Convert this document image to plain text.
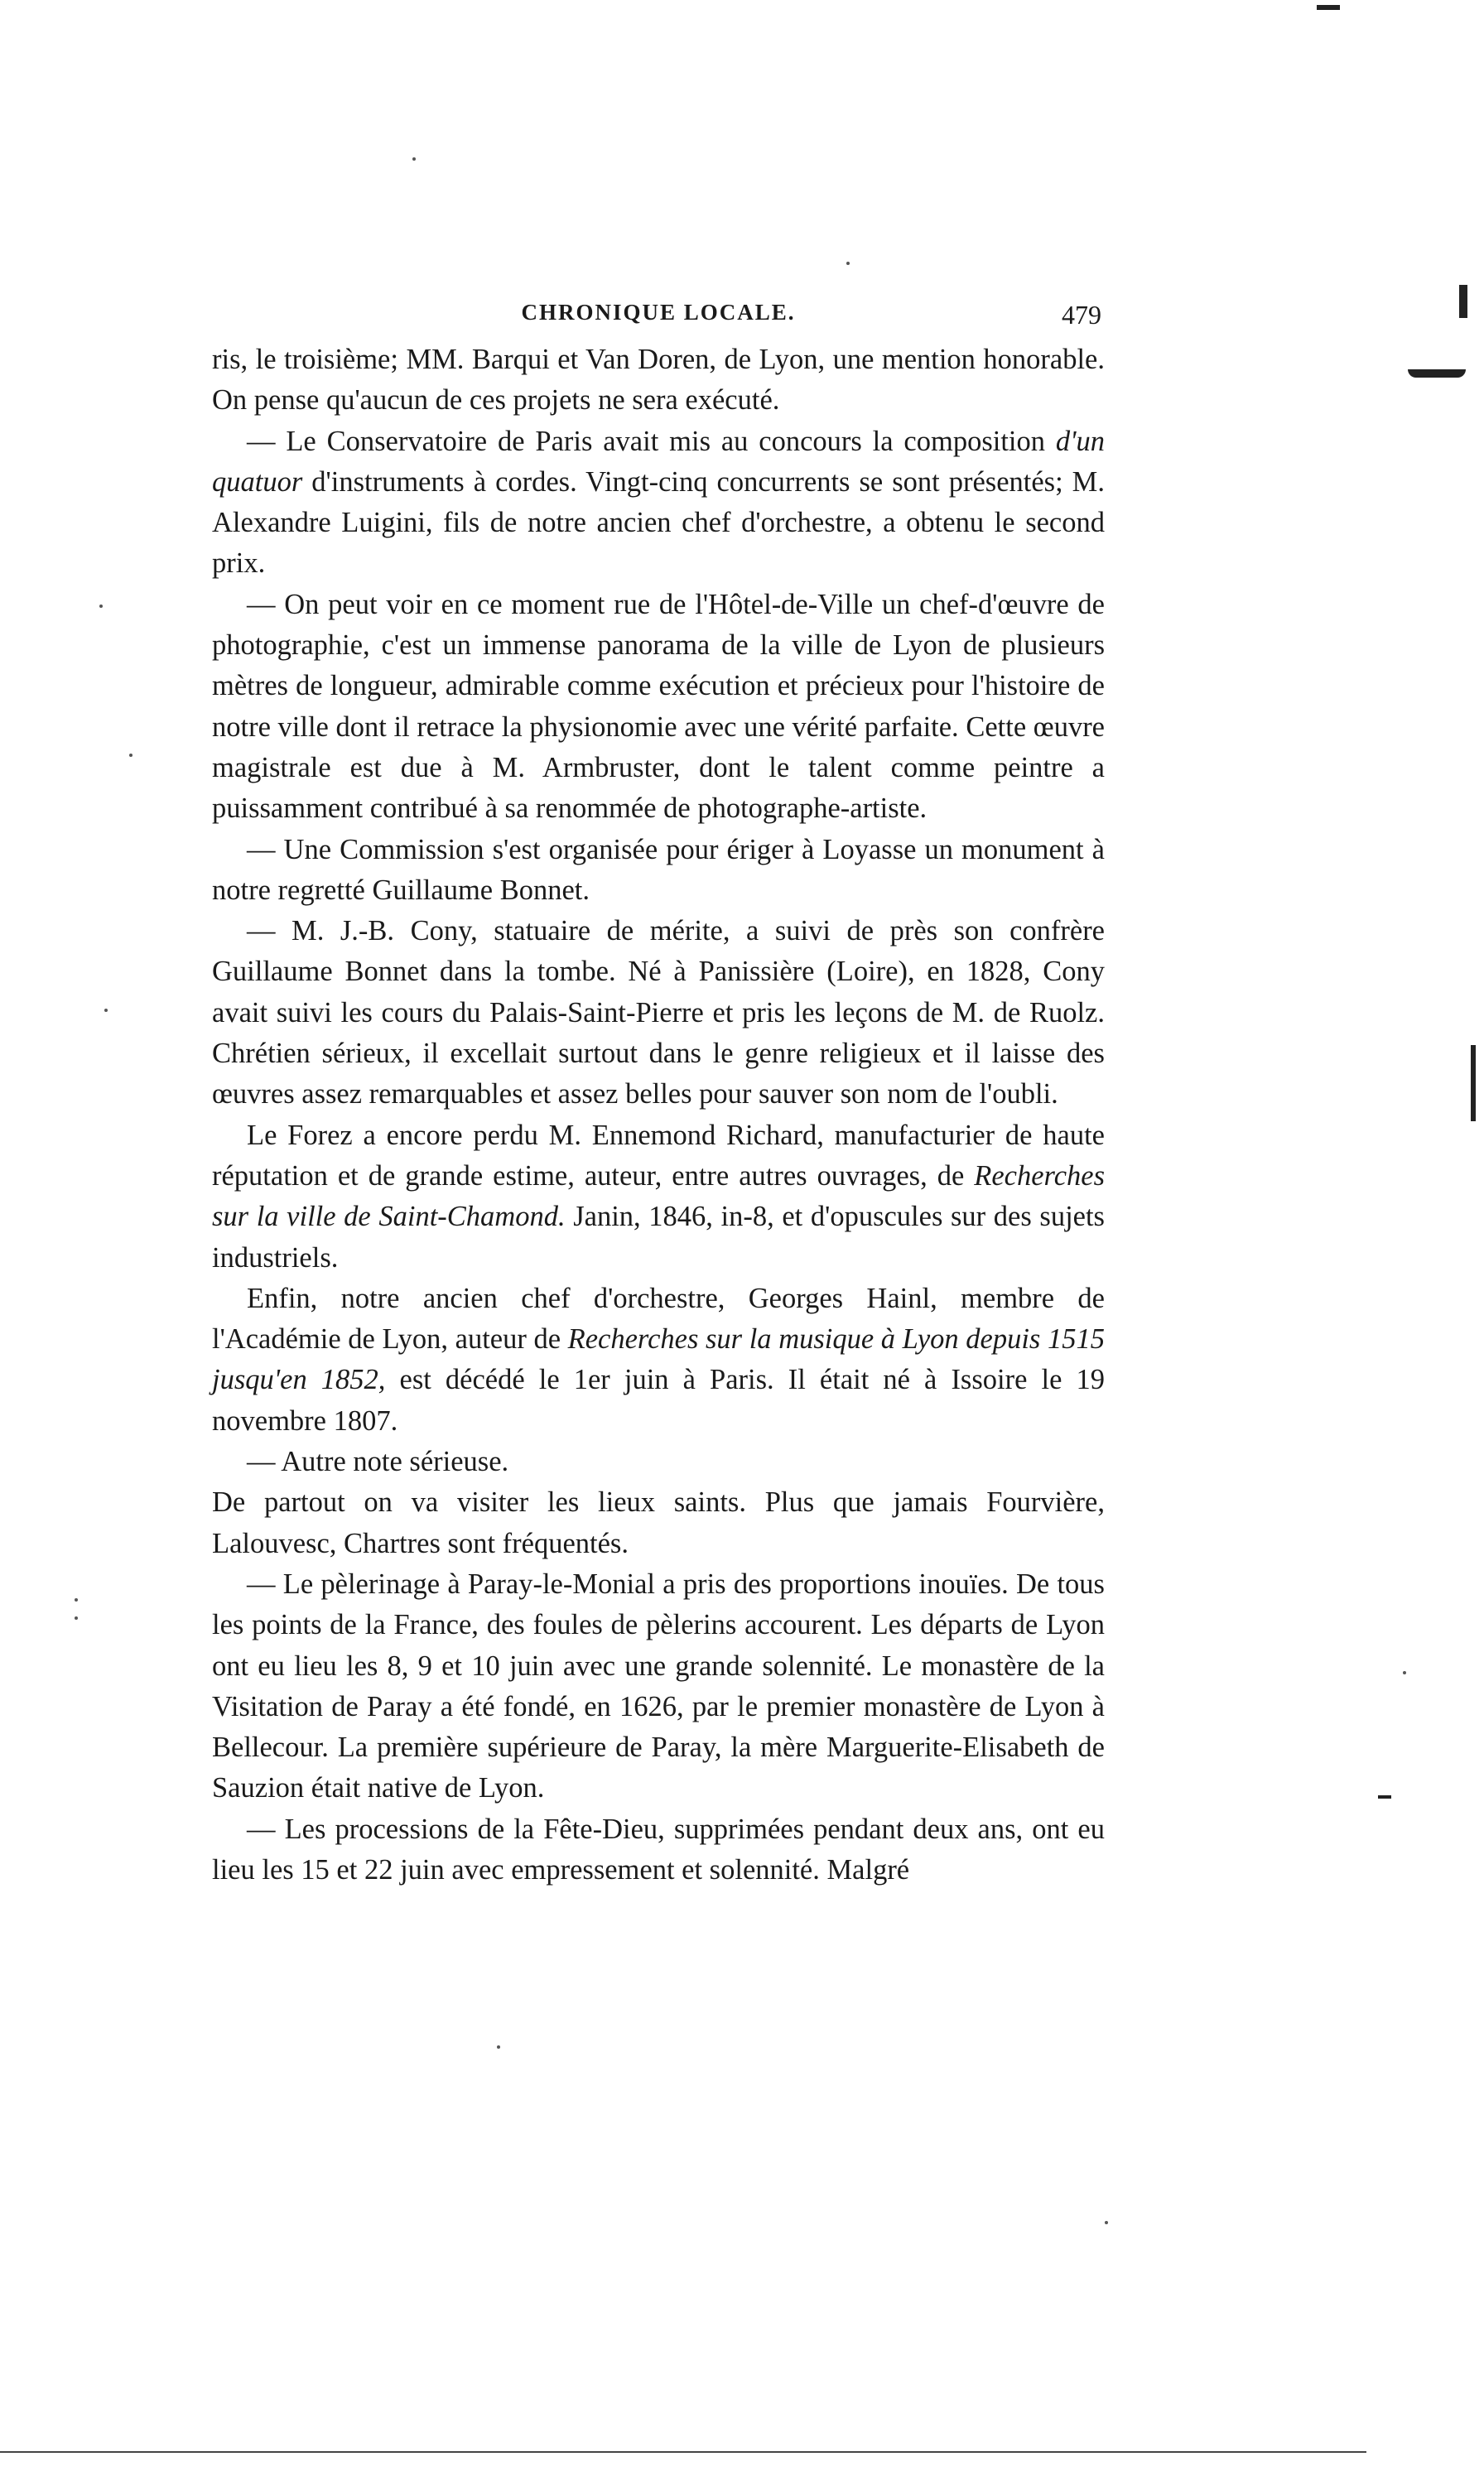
CHRONIQUE LOCALE.	479

ris, le troisième; MM. Barqui et Van Doren, de Lyon, une mention honorable. On pense qu'aucun de ces projets ne sera exécuté.

— Le Conservatoire de Paris avait mis au concours la composition d'un quatuor d'instruments à cordes. Vingt-cinq concurrents se sont présentés; M. Alexandre Luigini, fils de notre ancien chef d'orchestre, a obtenu le second prix.

— On peut voir en ce moment rue de l'Hôtel-de-Ville un chef-d'œuvre de photographie, c'est un immense panorama de la ville de Lyon de plusieurs mètres de longueur, admirable comme exécution et précieux pour l'histoire de notre ville dont il retrace la physionomie avec une vérité parfaite. Cette œuvre magistrale est due à M. Armbruster, dont le talent comme peintre a puissamment contribué à sa renommée de photographe-artiste.

— Une Commission s'est organisée pour ériger à Loyasse un monument à notre regretté Guillaume Bonnet.

— M. J.-B. Cony, statuaire de mérite, a suivi de près son confrère Guillaume Bonnet dans la tombe. Né à Panissière (Loire), en 1828, Cony avait suivi les cours du Palais-Saint-Pierre et pris les leçons de M. de Ruolz. Chrétien sérieux, il excellait surtout dans le genre religieux et il laisse des œuvres assez remarquables et assez belles pour sauver son nom de l'oubli.

Le Forez a encore perdu M. Ennemond Richard, manufacturier de haute réputation et de grande estime, auteur, entre autres ouvrages, de Recherches sur la ville de Saint-Chamond. Janin, 1846, in-8, et d'opuscules sur des sujets industriels.

Enfin, notre ancien chef d'orchestre, Georges Hainl, membre de l'Académie de Lyon, auteur de Recherches sur la musique à Lyon depuis 1515 jusqu'en 1852, est décédé le 1er juin à Paris. Il était né à Issoire le 19 novembre 1807.

— Autre note sérieuse.

De partout on va visiter les lieux saints. Plus que jamais Fourvière, Lalouvesc, Chartres sont fréquentés.

— Le pèlerinage à Paray-le-Monial a pris des proportions inouïes. De tous les points de la France, des foules de pèlerins accourent. Les départs de Lyon ont eu lieu les 8, 9 et 10 juin avec une grande solennité. Le monastère de la Visitation de Paray a été fondé, en 1626, par le premier monastère de Lyon à Bellecour. La première supérieure de Paray, la mère Marguerite-Elisabeth de Sauzion était native de Lyon.

— Les processions de la Fête-Dieu, supprimées pendant deux ans, ont eu lieu les 15 et 22 juin avec empressement et solennité. Malgré
